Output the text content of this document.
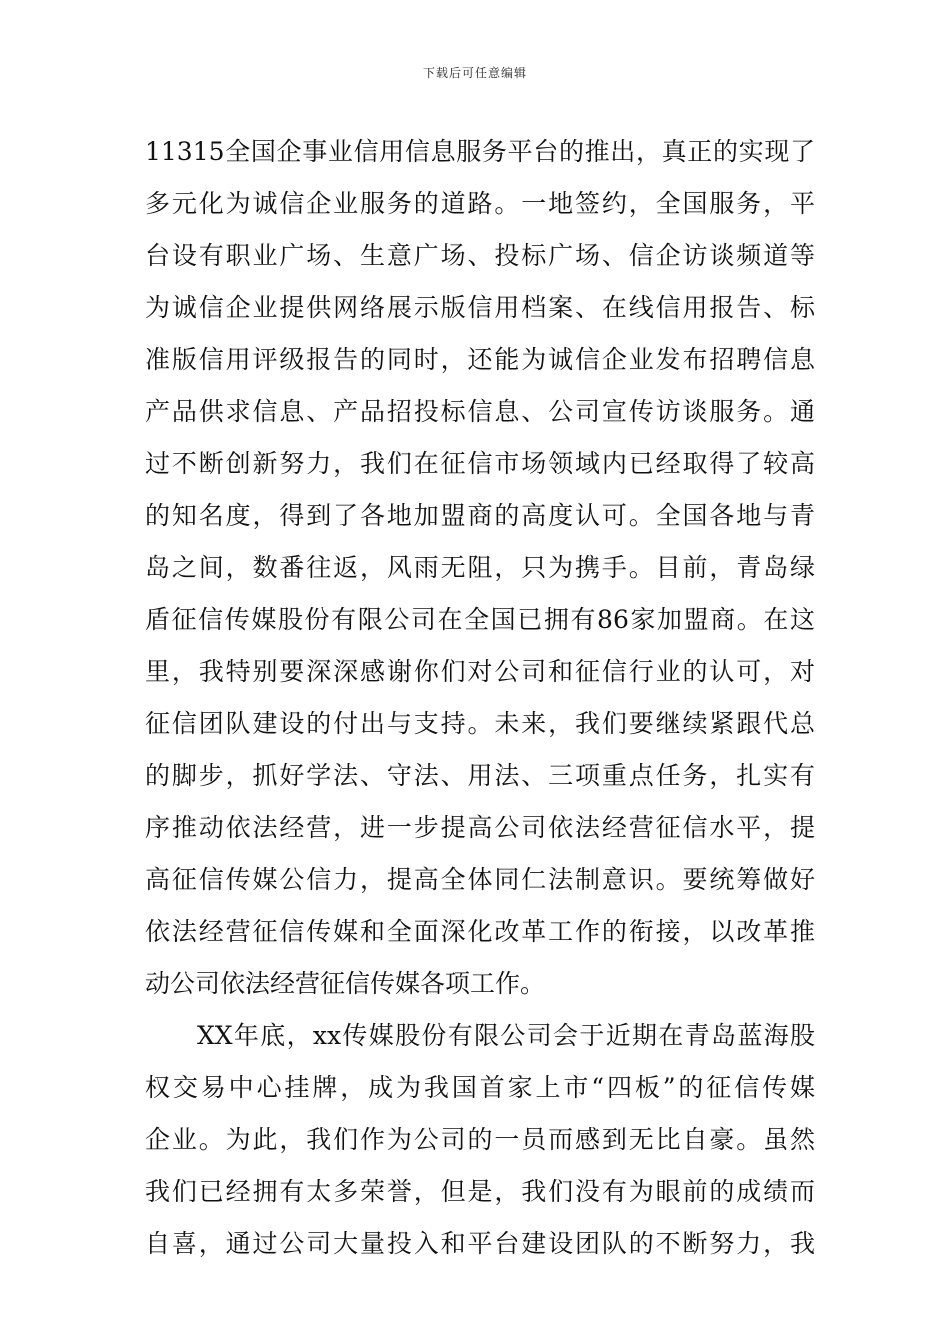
下载后可任意编辑
11315全国企事业信用信息服务平台的推出，真正的实现了
多元化为诚信企业服务的道路。一地签约，全国服务，平
台设有职业广场、生意广场、投标广场、信企访谈频道等
为诚信企业提供网络展示版信用档案、在线信用报告、标
准版信用评级报告的同时，还能为诚信企业发布招聘信息
产品供求信息、产品招投标信息、公司宣传访谈服务。通
过不断创新努力，我们在征信市场领域内已经取得了较高
的知名度，得到了各地加盟商的高度认可。全国各地与青
岛之间，数番往返，风雨无阻，只为携手。目前，青岛绿
盾征信传媒股份有限公司在全国已拥有86家加盟商。在这
里，我特别要深深感谢你们对公司和征信行业的认可，对
征信团队建设的付出与支持。未来，我们要继续紧跟代总
的脚步，抓好学法、守法、用法、三项重点任务，扎实有
序推动依法经营，进一步提高公司依法经营征信水平，提
高征信传媒公信力，提高全体同仁法制意识。要统筹做好
依法经营征信传媒和全面深化改革工作的衔接，以改革推
动公司依法经营征信传媒各项工作。
XX年底，xx传媒股份有限公司会于近期在青岛蓝海股
权交易中心挂牌，成为我国首家上市“四板”的征信传媒
企业。为此，我们作为公司的一员而感到无比自豪。虽然
我们已经拥有太多荣誉，但是，我们没有为眼前的成绩而
自喜，通过公司大量投入和平台建设团队的不断努力，我
